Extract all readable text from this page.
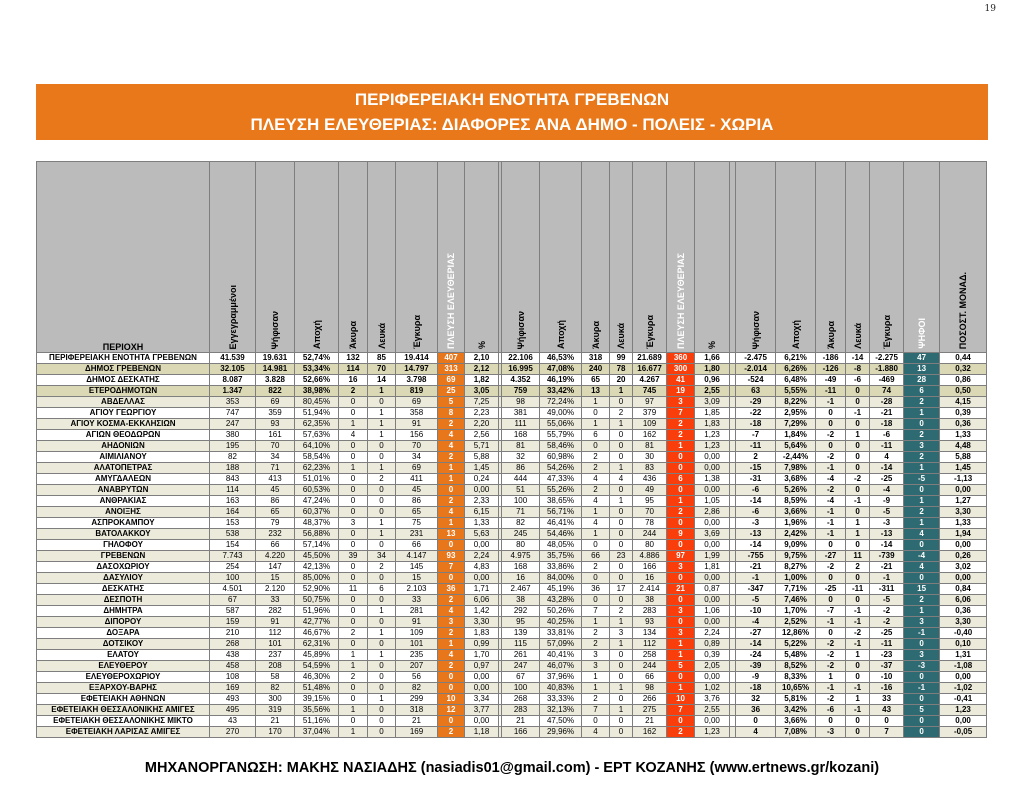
19
ΠΕΡΙΦΕΡΕΙΑΚΗ ΕΝΟΤΗΤΑ ΓΡΕΒΕΝΩΝ
ΠΛΕΥΣΗ ΕΛΕΥΘΕΡΙΑΣ: ΔΙΑΦΟΡΕΣ ΑΝΑ ΔΗΜΟ - ΠΟΛΕΙΣ - ΧΩΡΙΑ
	ΒΟΥΛΕΥΤΙΚΕΣ ΕΚΛΟΓΕΣ 25ΗΣ ΙΟΥΝΙΟΥ 2023									ΒΟΥΛΕΥΤΙΚΕΣ ΕΚΛΟΓΕΣ 21ΗΣ ΜΑΪΟΥ 2023								ΔΙΑΦΟΡΕΣ ΙΟΥΝΙΟΥ 2023 - ΜΑΪΟΥ 2023						
ΠΕΡΙΟΧΗ	Εγγεγραμμένοι	Ψήφισαν	Αποχή	Άκυρα	Λευκά	Έγκυρα	ΠΛΕΥΣΗ ΕΛΕΥΘΕΡΙΑΣ	%		Ψήφισαν	Αποχή	Άκυρα	Λευκά	Έγκυρα	ΠΛΕΥΣΗ ΕΛΕΥΘΕΡΙΑΣ	%		Ψήφισαν	Αποχή	Άκυρα	Λευκά	Έγκυρα	ΨΗΦΟΙ	ΠΟΣΟΣΤ. ΜΟΝΑΔ.

ΠΕΡΙΦΕΡΕΙΑΚΗ ΕΝΟΤΗΤΑ ΓΡΕΒΕΝΩΝ	41.539	19.631	52,74%	132	85	19.414	407	2,10		22.106	46,53%	318	99	21.689	360	1,66		-2.475	6,21%	-186	-14	-2.275	47	0,44
ΔΗΜΟΣ ΓΡΕΒΕΝΩΝ	32.105	14.981	53,34%	114	70	14.797	313	2,12		16.995	47,08%	240	78	16.677	300	1,80		-2.014	6,26%	-126	-8	-1.880	13	0,32
ΔΗΜΟΣ ΔΕΣΚΑΤΗΣ	8.087	3.828	52,66%	16	14	3.798	69	1,82		4.352	46,19%	65	20	4.267	41	0,96		-524	6,48%	-49	-6	-469	28	0,86
ΕΤΕΡΟΔΗΜΟΤΩΝ	1.347	822	38,98%	2	1	819	25	3,05		759	33,42%	13	1	745	19	2,55		63	5,55%	-11	0	74	6	0,50
ΑΒΔΕΛΛΑΣ	353	69	80,45%	0	0	69	5	7,25		98	72,24%	1	0	97	3	3,09		-29	8,22%	-1	0	-28	2	4,15
ΑΓΙΟΥ ΓΕΩΡΓΙΟΥ	747	359	51,94%	0	1	358	8	2,23		381	49,00%	0	2	379	7	1,85		-22	2,95%	0	-1	-21	1	0,39
ΑΓΙΟΥ ΚΟΣΜΑ-ΕΚΚΛΗΣΙΩΝ	247	93	62,35%	1	1	91	2	2,20		111	55,06%	1	1	109	2	1,83		-18	7,29%	0	0	-18	0	0,36
ΑΓΙΩΝ ΘΕΟΔΩΡΩΝ	380	161	57,63%	4	1	156	4	2,56		168	55,79%	6	0	162	2	1,23		-7	1,84%	-2	1	-6	2	1,33
ΑΗΔΟΝΙΩΝ	195	70	64,10%	0	0	70	4	5,71		81	58,46%	0	0	81	1	1,23		-11	5,64%	0	0	-11	3	4,48
ΑΙΜΙΛΙΑΝΟΥ	82	34	58,54%	0	0	34	2	5,88		32	60,98%	2	0	30	0	0,00		2	-2,44%	-2	0	4	2	5,88
ΑΛΑΤΟΠΕΤΡΑΣ	188	71	62,23%	1	1	69	1	1,45		86	54,26%	2	1	83	0	0,00		-15	7,98%	-1	0	-14	1	1,45
ΑΜΥΓΔΑΛΕΩΝ	843	413	51,01%	0	2	411	1	0,24		444	47,33%	4	4	436	6	1,38		-31	3,68%	-4	-2	-25	-5	-1,13
ΑΝΑΒΡΥΤΩΝ	114	45	60,53%	0	0	45	0	0,00		51	55,26%	2	0	49	0	0,00		-6	5,26%	-2	0	-4	0	0,00
ΑΝΘΡΑΚΙΑΣ	163	86	47,24%	0	0	86	2	2,33		100	38,65%	4	1	95	1	1,05		-14	8,59%	-4	-1	-9	1	1,27
ΑΝΟΙΞΗΣ	164	65	60,37%	0	0	65	4	6,15		71	56,71%	1	0	70	2	2,86		-6	3,66%	-1	0	-5	2	3,30
ΑΣΠΡΟΚΑΜΠΟΥ	153	79	48,37%	3	1	75	1	1,33		82	46,41%	4	0	78	0	0,00		-3	1,96%	-1	1	-3	1	1,33
ΒΑΤΟΛΑΚΚΟΥ	538	232	56,88%	0	1	231	13	5,63		245	54,46%	1	0	244	9	3,69		-13	2,42%	-1	1	-13	4	1,94
ΓΗΛΟΦΟΥ	154	66	57,14%	0	0	66	0	0,00		80	48,05%	0	0	80	0	0,00		-14	9,09%	0	0	-14	0	0,00
ΓΡΕΒΕΝΩΝ	7.743	4.220	45,50%	39	34	4.147	93	2,24		4.975	35,75%	66	23	4.886	97	1,99		-755	9,75%	-27	11	-739	-4	0,26
ΔΑΣΟΧΩΡΙΟΥ	254	147	42,13%	0	2	145	7	4,83		168	33,86%	2	0	166	3	1,81		-21	8,27%	-2	2	-21	4	3,02
ΔΑΣΥΛΙΟΥ	100	15	85,00%	0	0	15	0	0,00		16	84,00%	0	0	16	0	0,00		-1	1,00%	0	0	-1	0	0,00
ΔΕΣΚΑΤΗΣ	4.501	2.120	52,90%	11	6	2.103	36	1,71		2.467	45,19%	36	17	2.414	21	0,87		-347	7,71%	-25	-11	-311	15	0,84
ΔΕΣΠΟΤΗ	67	33	50,75%	0	0	33	2	6,06		38	43,28%	0	0	38	0	0,00		-5	7,46%	0	0	-5	2	6,06
ΔΗΜΗΤΡΑ	587	282	51,96%	0	1	281	4	1,42		292	50,26%	7	2	283	3	1,06		-10	1,70%	-7	-1	-2	1	0,36
ΔΙΠΟΡΟΥ	159	91	42,77%	0	0	91	3	3,30		95	40,25%	1	1	93	0	0,00		-4	2,52%	-1	-1	-2	3	3,30
ΔΟΞΑΡΑ	210	112	46,67%	2	1	109	2	1,83		139	33,81%	2	3	134	3	2,24		-27	12,86%	0	-2	-25	-1	-0,40
ΔΟΤΣΙΚΟΥ	268	101	62,31%	0	0	101	1	0,99		115	57,09%	2	1	112	1	0,89		-14	5,22%	-2	-1	-11	0	0,10
ΕΛΑΤΟΥ	438	237	45,89%	1	1	235	4	1,70		261	40,41%	3	0	258	1	0,39		-24	5,48%	-2	1	-23	3	1,31
ΕΛΕΥΘΕΡΟΥ	458	208	54,59%	1	0	207	2	0,97		247	46,07%	3	0	244	5	2,05		-39	8,52%	-2	0	-37	-3	-1,08
ΕΛΕΥΘΕΡΟΧΩΡΙΟΥ	108	58	46,30%	2	0	56	0	0,00		67	37,96%	1	0	66	0	0,00		-9	8,33%	1	0	-10	0	0,00
ΕΞΑΡΧΟΥ-ΒΑΡΗΣ	169	82	51,48%	0	0	82	0	0,00		100	40,83%	1	1	98	1	1,02		-18	10,65%	-1	-1	-16	-1	-1,02
ΕΦΕΤΕΙΑΚΗ ΑΘΗΝΩΝ	493	300	39,15%	0	1	299	10	3,34		268	33,33%	2	0	266	10	3,76		32	5,81%	-2	1	33	0	-0,41
ΕΦΕΤΕΙΑΚΗ ΘΕΣΣΑΛΟΝΙΚΗΣ ΑΜΙΓΕΣ	495	319	35,56%	1	0	318	12	3,77		283	32,13%	7	1	275	7	2,55		36	3,42%	-6	-1	43	5	1,23
ΕΦΕΤΕΙΑΚΗ ΘΕΣΣΑΛΟΝΙΚΗΣ ΜΙΚΤΟ	43	21	51,16%	0	0	21	0	0,00		21	47,50%	0	0	21	0	0,00		0	3,66%	0	0	0	0	0,00
ΕΦΕΤΕΙΑΚΗ ΛΑΡΙΣΑΣ ΑΜΙΓΕΣ	270	170	37,04%	1	0	169	2	1,18		166	29,96%	4	0	162	2	1,23		4	7,08%	-3	0	7	0	-0,05
ΜΗΧΑΝΟΡΓΑΝΩΣΗ: ΜΑΚΗΣ ΝΑΣΙΑΔΗΣ (nasiadis01@gmail.com) - ΕΡΤ ΚΟΖΑΝΗΣ (www.ertnews.gr/kozani)
